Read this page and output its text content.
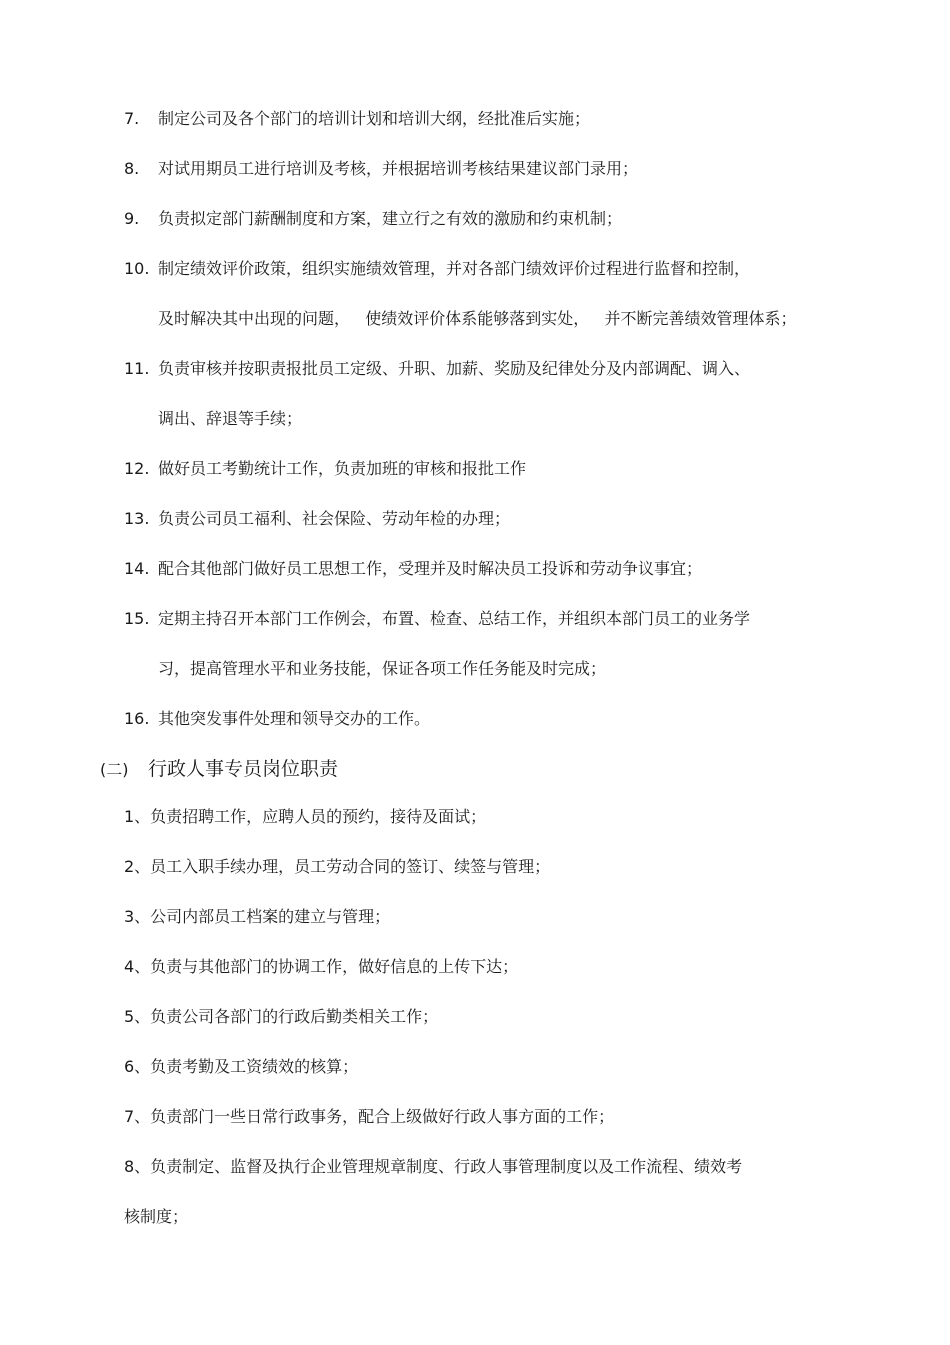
7. 制定公司及各个部门的培训计划和培训大纲，经批准后实施；
8. 对试用期员工进行培训及考核，并根据培训考核结果建议部门录用；
9. 负责拟定部门薪酬制度和方案，建立行之有效的激励和约束机制；
10. 制定绩效评价政策，组织实施绩效管理，并对各部门绩效评价过程进行监督和控制，
及时解决其中出现的问题，   使绩效评价体系能够落到实处，   并不断完善绩效管理体系；
11. 负责审核并按职责报批员工定级、升职、加薪、奖励及纪律处分及内部调配、调入、
调出、辞退等手续；
12. 做好员工考勤统计工作，负责加班的审核和报批工作
13. 负责公司员工福利、社会保险、劳动年检的办理；
14. 配合其他部门做好员工思想工作，受理并及时解决员工投诉和劳动争议事宜；
15. 定期主持召开本部门工作例会，布置、检查、总结工作，并组织本部门员工的业务学
习，提高管理水平和业务技能，保证各项工作任务能及时完成；
16. 其他突发事件处理和领导交办的工作。
(二) 行政人事专员岗位职责
1、负责招聘工作，应聘人员的预约，接待及面试；
2、员工入职手续办理，员工劳动合同的签订、续签与管理；
3、公司内部员工档案的建立与管理；
4、负责与其他部门的协调工作，做好信息的上传下达；
5、负责公司各部门的行政后勤类相关工作；
6、负责考勤及工资绩效的核算；
7、负责部门一些日常行政事务，配合上级做好行政人事方面的工作；
8、负责制定、监督及执行企业管理规章制度、行政人事管理制度以及工作流程、绩效考
核制度；
